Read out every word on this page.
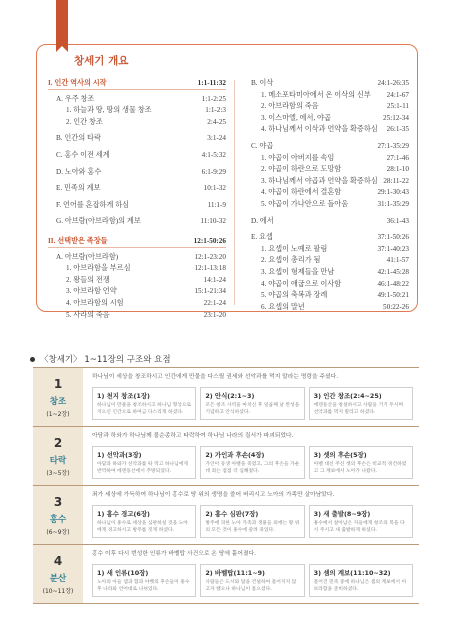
창세기 개요
I. 인간 역사의 시작	1:1-11:32
A. 우주 창조	1:1-2:25
1. 하늘과 땅, 땅의 생물 창조	1:1-2:3
2. 인간 창조	2:4-25
B. 인간의 타락	3:1-24
C. 홍수 이전 세계	4:1-5:32
D. 노아와 홍수	6:1-9:29
E. 민족의 계보	10:1-32
F. 언어를 혼잡하게 하심	11:1-9
G. 아브람(아브라함)의 계보	11:10-32
II. 선택받은 족장들	12:1-50:26
A. 아브람(아브라함)	12:1-23:20
1. 아브라함을 부르심	12:1-13:18
2. 왕들의 전쟁	14:1-24
3. 아브라함 언약	15:1-21:34
4. 아브라함의 시험	22:1-24
5. 사라의 죽음	23:1-20
B. 이삭	24:1-26:35
1. 메소포타미아에서 온 이삭의 신부 24:1-67
2. 아브라함의 죽음	25:1-11
3. 이스마엘, 에서, 야곱	25:12-34
4. 하나님께서 이삭과 언약을 확증하심 26:1-35
C. 야곱	27:1-35:29
1. 야곱이 아버지를 속임	27:1-46
2. 야곱이 하란으로 도망함	28:1-10
3. 하나님께서 야곱과 언약을 확증하심 28:11-22
4. 야곱이 하란에서 결혼함	29:1-30:43
5. 야곱이 가나안으로 돌아옴	31:1-35:29
D. 에서	36:1-43
E. 요셉	37:1-50:26
1. 요셉이 노예로 팔림	37:1-40:23
2. 요셉이 총리가 됨	41:1-57
3. 요셉이 형제들을 만남	42:1-45:28
4. 야곱이 애굽으로 이사함	46:1-48:22
5. 야곱의 축복과 장례	49:1-50:21
6. 요셉의 말년	50:22-26
〈창세기〉 1~11장의 구조와 요점
1
창조
(1~2장)
하나님이 세상을 창조하시고 인간에게 만물을 다스릴 권세와 선악과를 먹지 말라는 명령을 주셨다.
1) 천지 창조(1장)
하나님이 만물을 창조하시고 하나님 형상으로 지으신 인간으로 하여금 다스리게 하셨다.
2) 안식(2:1~3)
모든 창조 사역을 마치신 후 일곱째 날 완성을 기념하고 안식하셨다.
3) 인간 창조(2:4~25)
에덴동산을 창설하시고 사람을 거기 두시며 선악과를 먹지 말라고 하셨다.
2
타락
(3~5장)
아담과 하와가 하나님께 불순종하고 타락하여 하나님 나라의 질서가 파괴되었다.
1) 선악과(3장)
아담과 하와가 선악과를 따 먹고 하나님에게 반역하여 에덴동산에서 추방되었다.
2) 가인과 후손(4장)
가인이 동생 아벨을 죽였고, 그의 후손들 가운데 죄는 점점 더 심해졌다.
3) 셋의 후손(5장)
아벨 대신 주신 셋의 후손은 비교적 경건하였고 그 계보에서 노아가 나왔다.
3
홍수
(6~9장)
죄가 세상에 가득하여 하나님이 홍수로 땅 위의 생명을 쓸어 버리시고 노아의 가족만 살아남았다.
1) 홍수 경고(6장)
하나님이 홍수로 세상을 심판하실 것을 노아에게 경고하시고 방주를 짓게 하셨다.
2) 홍수 심판(7장)
방주에 피한 노아 가족과 생물들 외에는 땅 위의 모든 것이 홍수에 쓸려 죽었다.
3) 새 출발(8~9장)
홍수에서 살아남은 자들에게 창조의 복을 다시 주시고 새 출발하게 하셨다.
4
분산
(10~11장)
홍수 이후 다시 번성한 인류가 바벨탑 사건으로 온 땅에 흩어졌다.
1) 새 인류(10장)
노아의 아들 셈과 함과 야벳의 후손들이 홍수 후 나라와 언어대로 나뉘었다.
2) 바벨탑(11:1~9)
사람들은 도시와 탑을 건설하여 흩어지지 않고자 했으나 하나님이 흩으셨다.
3) 셈의 계보(11:10~32)
흩어진 민족 중에 하나님은 셈의 계보에서 아브라함을 준비하셨다.
